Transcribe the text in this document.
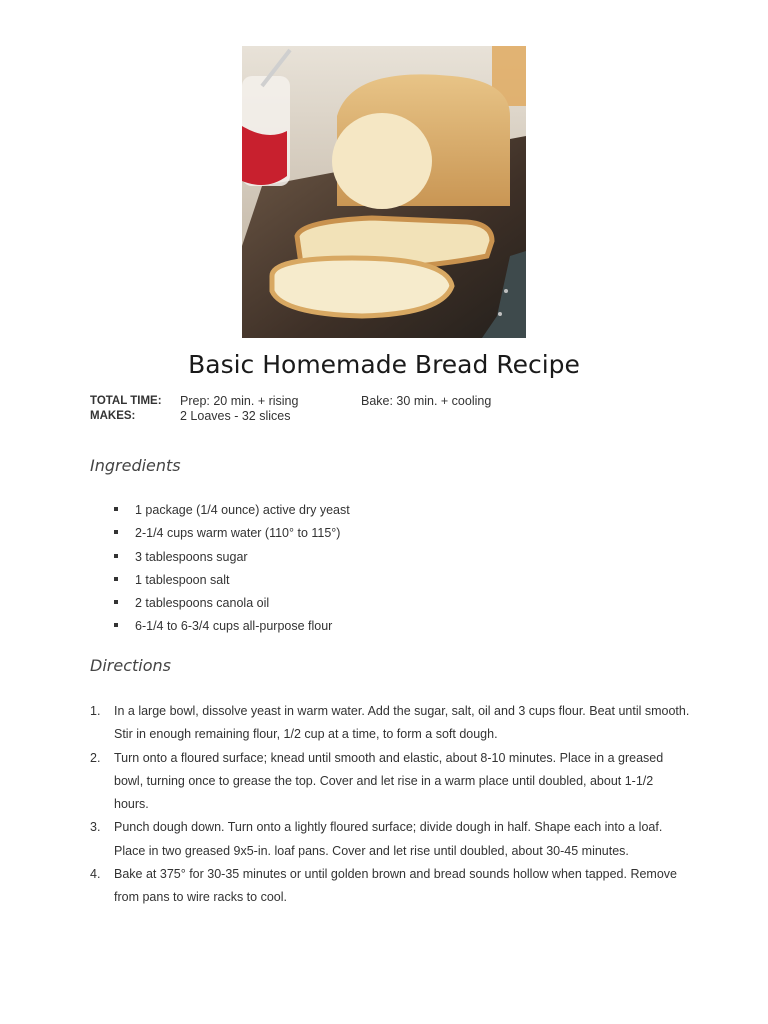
Basic Homemade Bread Recipe
TOTAL TIME: Prep: 20 min. + rising	Bake: 30 min. + cooling
MAKES:	2 Loaves - 32 slices
Ingredients
1 package (1/4 ounce) active dry yeast
2-1/4 cups warm water (110° to 115°)
3 tablespoons sugar
1 tablespoon salt
2 tablespoons canola oil
6-1/4 to 6-3/4 cups all-purpose flour
Directions
1. In a large bowl, dissolve yeast in warm water. Add the sugar, salt, oil and 3 cups flour. Beat until smooth. Stir in enough remaining flour, 1/2 cup at a time, to form a soft dough.
2. Turn onto a floured surface; knead until smooth and elastic, about 8-10 minutes. Place in a greased bowl, turning once to grease the top. Cover and let rise in a warm place until doubled, about 1-1/2 hours.
3. Punch dough down. Turn onto a lightly floured surface; divide dough in half. Shape each into a loaf. Place in two greased 9x5-in. loaf pans. Cover and let rise until doubled, about 30-45 minutes.
4. Bake at 375° for 30-35 minutes or until golden brown and bread sounds hollow when tapped. Remove from pans to wire racks to cool.
